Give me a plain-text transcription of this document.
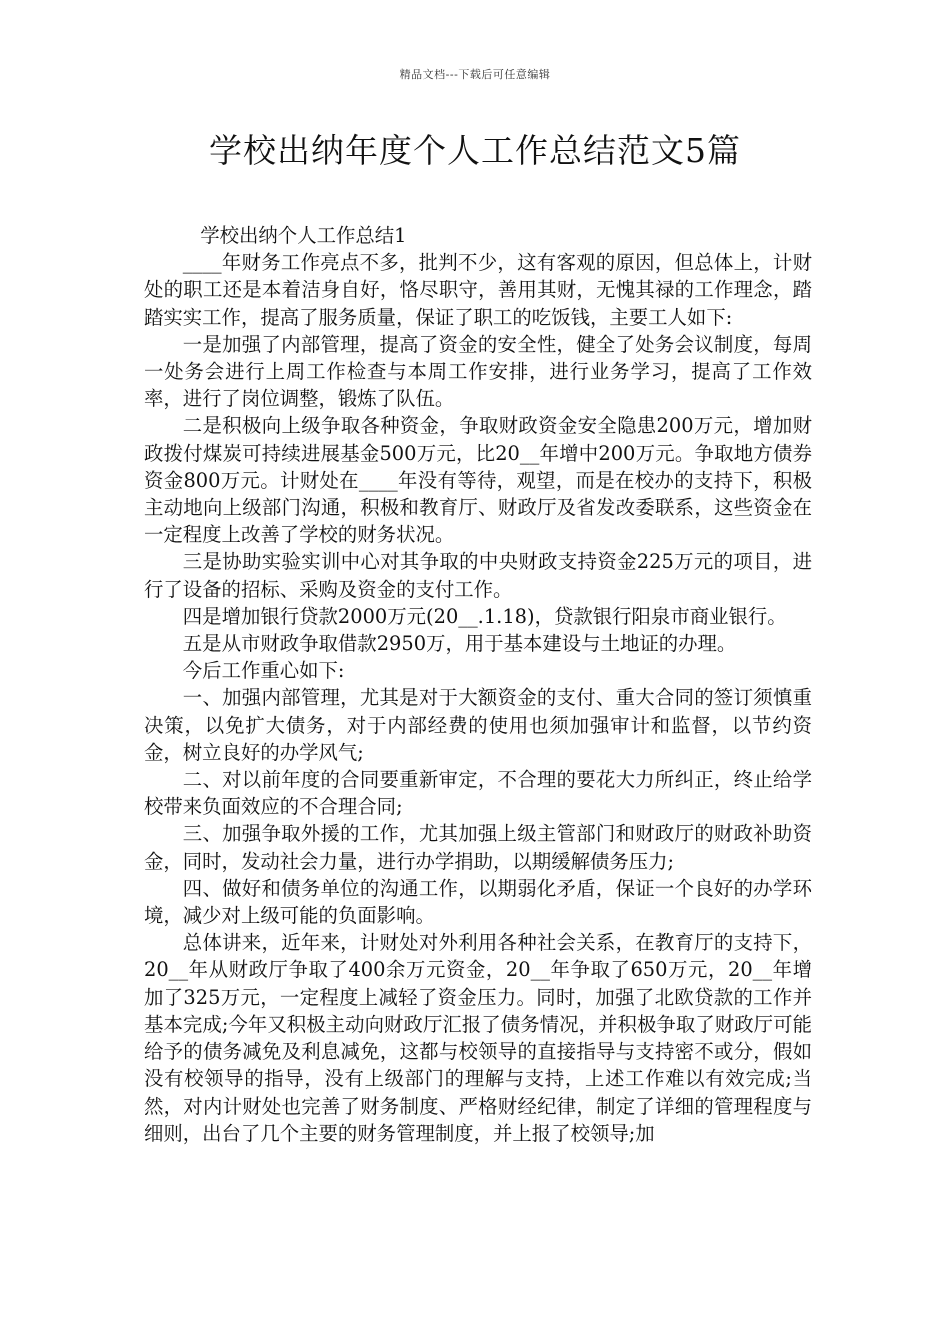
精品文档---下载后可任意编辑
学校出纳年度个人工作总结范文5篇

学校出纳个人工作总结1

____年财务工作亮点不多，批判不少，这有客观的原因，但总体上，计财处的职工还是本着洁身自好，恪尽职守，善用其财，无愧其禄的工作理念，踏踏实实工作，提高了服务质量，保证了职工的吃饭钱，主要工人如下:

一是加强了内部管理，提高了资金的安全性，健全了处务会议制度，每周一处务会进行上周工作检查与本周工作安排，进行业务学习，提高了工作效率，进行了岗位调整，锻炼了队伍。

二是积极向上级争取各种资金，争取财政资金安全隐患200万元，增加财政拨付煤炭可持续进展基金500万元，比20__年增中200万元。争取地方债券资金800万元。计财处在____年没有等待，观望，而是在校办的支持下，积极主动地向上级部门沟通，积极和教育厅、财政厅及省发改委联系，这些资金在一定程度上改善了学校的财务状况。

三是协助实验实训中心对其争取的中央财政支持资金225万元的项目，进行了设备的招标、采购及资金的支付工作。

四是增加银行贷款2000万元(20__.1.18)，贷款银行阳泉市商业银行。

五是从市财政争取借款2950万，用于基本建设与土地证的办理。

今后工作重心如下:

一、加强内部管理，尤其是对于大额资金的支付、重大合同的签订须慎重决策，以免扩大债务，对于内部经费的使用也须加强审计和监督，以节约资金，树立良好的办学风气;

二、对以前年度的合同要重新审定，不合理的要花大力所纠正，终止给学校带来负面效应的不合理合同;

三、加强争取外援的工作，尤其加强上级主管部门和财政厅的财政补助资金，同时，发动社会力量，进行办学捐助，以期缓解债务压力;

四、做好和债务单位的沟通工作，以期弱化矛盾，保证一个良好的办学环境，减少对上级可能的负面影响。

总体讲来，近年来，计财处对外利用各种社会关系，在教育厅的支持下，20__年从财政厅争取了400余万元资金，20__年争取了650万元，20__年增加了325万元，一定程度上减轻了资金压力。同时，加强了北欧贷款的工作并基本完成;今年又积极主动向财政厅汇报了债务情况，并积极争取了财政厅可能给予的债务减免及利息减免，这都与校领导的直接指导与支持密不或分，假如没有校领导的指导，没有上级部门的理解与支持，上述工作难以有效完成;当然，对内计财处也完善了财务制度、严格财经纪律，制定了详细的管理程度与细则，出台了几个主要的财务管理制度，并上报了校领导;加
